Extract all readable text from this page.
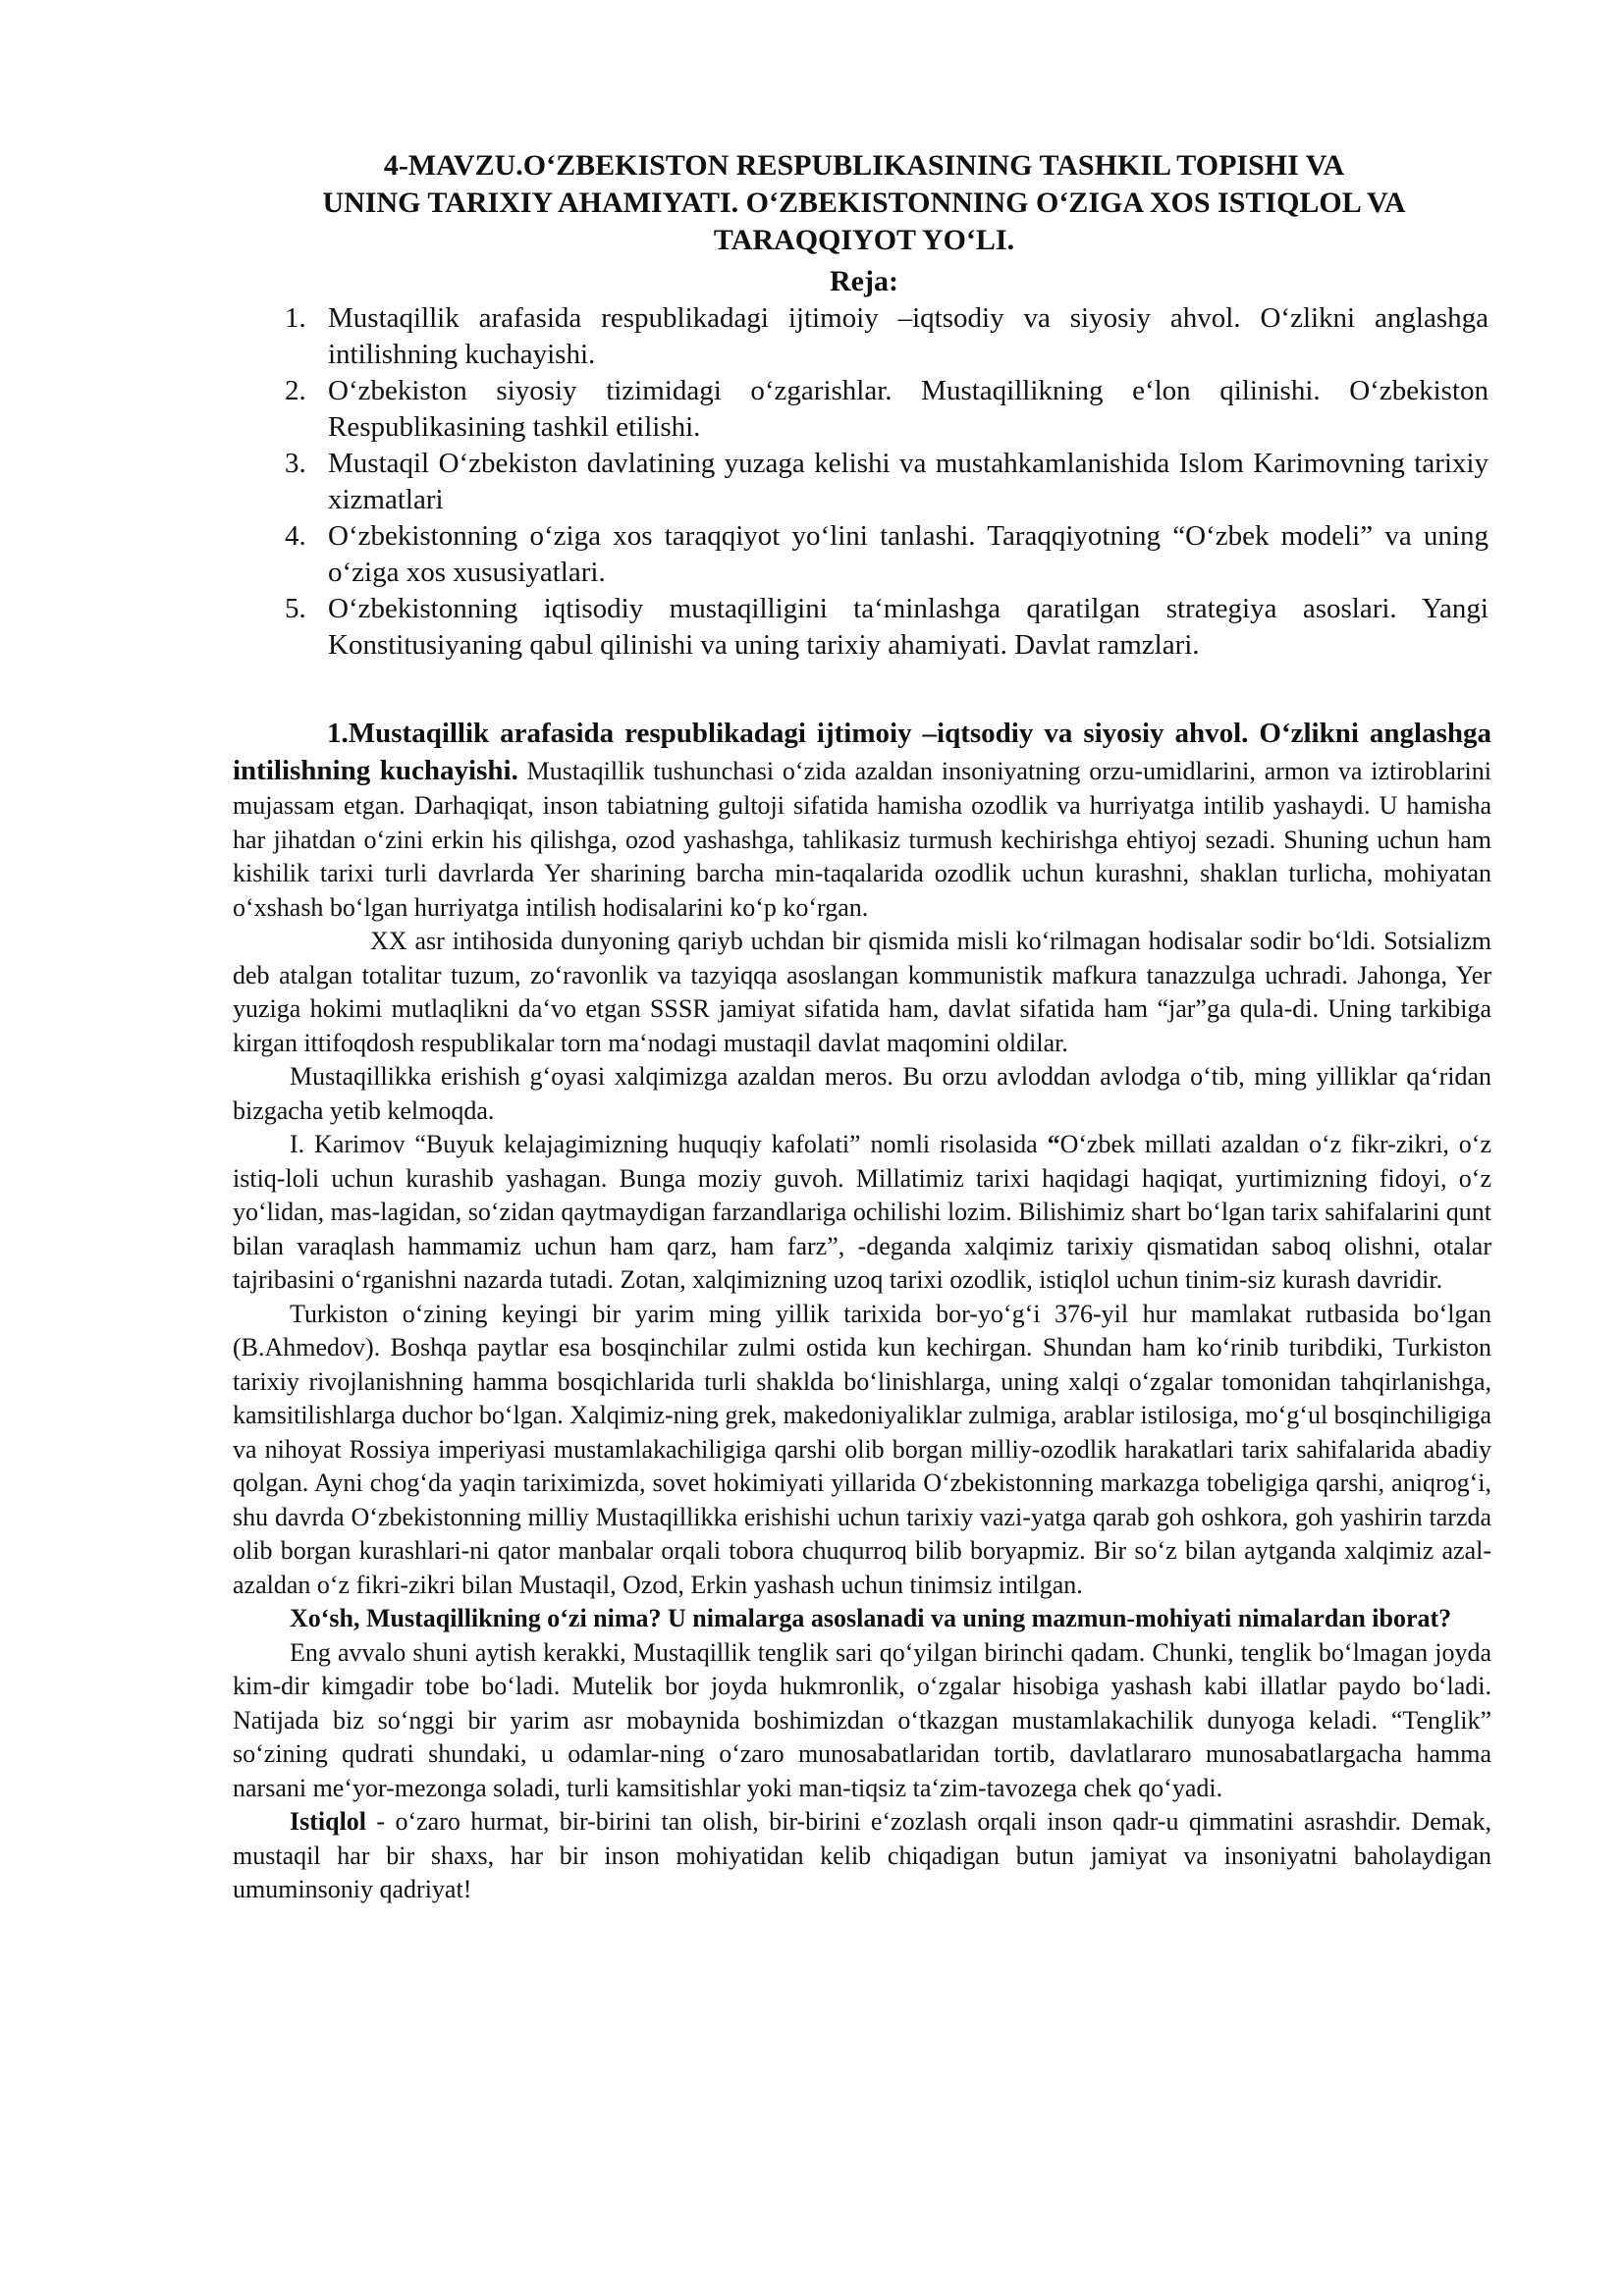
4-MAVZU.O‘ZBEKISTON RESPUBLIKASINING TASHKIL TOPISHI VA
UNING TARIXIY AHAMIYATI. O‘ZBEKISTONNING O‘ZIGA XOS ISTIQLOL VA
TARAQQIYOT YO‘LI.
Reja:
1. Mustaqillik arafasida respublikadagi ijtimoiy –iqtsodiy va siyosiy ahvol. O‘zlikni anglashga intilishning kuchayishi.
2. O‘zbekiston siyosiy tizimidagi o‘zgarishlar. Mustaqillikning e‘lon qilinishi. O‘zbekiston Respublikasining tashkil etilishi.
3. Mustaqil O‘zbekiston davlatining yuzaga kelishi va mustahkamlanishida Islom Karimovning tarixiy xizmatlari
4. O‘zbekistonning o‘ziga xos taraqqiyot yo‘lini tanlashi. Taraqqiyotning “O‘zbek modeli” va uning o‘ziga xos xususiyatlari.
5. O‘zbekistonning iqtisodiy mustaqilligini ta‘minlashga qaratilgan strategiya asoslari. Yangi Konstitusiyaning qabul qilinishi va uning tarixiy ahamiyati. Davlat ramzlari.

1.Mustaqillik arafasida respublikadagi ijtimoiy –iqtsodiy va siyosiy ahvol. O‘zlikni anglashga intilishning kuchayishi. Mustaqillik tushunchasi o‘zida azaldan insoniyatning orzu-umidlarini, armon va iztiroblarini mujassam etgan. Darhaqiqat, inson tabiatning gultoji sifatida hamisha ozodlik va hurriyatga intilib yashaydi. U hamisha har jihatdan o‘zini erkin his qilishga, ozod yashashga, tahlikasiz turmush kechirishga ehtiyoj sezadi. Shuning uchun ham kishilik tarixi turli davrlarda Yer sharining barcha min-taqalarida ozodlik uchun kurashni, shaklan turlicha, mohiyatan o‘xshash bo‘lgan hurriyatga intilish hodisalarini ko‘p ko‘rgan.

XX asr intihosida dunyoning qariyb uchdan bir qismida misli ko‘rilmagan hodisalar sodir bo‘ldi. Sotsializm deb atalgan totalitar tuzum, zo‘ravonlik va tazyiqqa asoslangan kommunistik mafkura tanazzulga uchradi. Jahonga, Yer yuziga hokimi mutlaqlikni da‘vo etgan SSSR jamiyat sifatida ham, davlat sifatida ham “jar”ga qula-di. Uning tarkibiga kirgan ittifoqdosh respublikalar torn ma‘nodagi mustaqil davlat maqomini oldilar.

Mustaqillikka erishish g‘oyasi xalqimizga azaldan meros. Bu orzu avloddan avlodga o‘tib, ming yilliklar qa‘ridan bizgacha yetib kelmoqda.

I. Karimov “Buyuk kelajagimizning huquqiy kafolati” nomli risolasida “O‘zbek millati azaldan o‘z fikr-zikri, o‘z istiq-loli uchun kurashib yashagan. Bunga moziy guvoh. Millatimiz tarixi haqidagi haqiqat, yurtimizning fidoyi, o‘z yo‘lidan, mas-lagidan, so‘zidan qaytmaydigan farzandlariga ochilishi lozim. Bilishimiz shart bo‘lgan tarix sahifalarini qunt bilan varaqlash hammamiz uchun ham qarz, ham farz”, -deganda xalqimiz tarixiy qismatidan saboq olishni, otalar tajribasini o‘rganishni nazarda tutadi. Zotan, xalqimizning uzoq tarixi ozodlik, istiqlol uchun tinim-siz kurash davridir.

Turkiston o‘zining keyingi bir yarim ming yillik tarixida bor-yo‘g‘i 376-yil hur mamlakat rutbasida bo‘lgan (B.Ahmedov). Boshqa paytlar esa bosqinchilar zulmi ostida kun kechirgan. Shundan ham ko‘rinib turibdiki, Turkiston tarixiy rivojlanishning hamma bosqichlarida turli shaklda bo‘linishlarga, uning xalqi o‘zgalar tomonidan tahqirlanishga, kamsitilishlarga duchor bo‘lgan. Xalqimiz-ning grek, makedoniyaliklar zulmiga, arablar istilosiga, mo‘g‘ul bosqinchiligiga va nihoyat Rossiya imperiyasi mustamlakachiligiga qarshi olib borgan milliy-ozodlik harakatlari tarix sahifalarida abadiy qolgan. Ayni chog‘da yaqin tariximizda, sovet hokimiyati yillarida O‘zbekistonning markazga tobeligiga qarshi, aniqrog‘i, shu davrda O‘zbekistonning milliy Mustaqillikka erishishi uchun tarixiy vazi-yatga qarab goh oshkora, goh yashirin tarzda olib borgan kurashlari-ni qator manbalar orqali tobora chuqurroq bilib boryapmiz. Bir so‘z bilan aytganda xalqimiz azal-azaldan o‘z fikri-zikri bilan Mustaqil, Ozod, Erkin yashash uchun tinimsiz intilgan.

Xo‘sh, Mustaqillikning o‘zi nima? U nimalarga asoslanadi va uning mazmun-mohiyati nimalardan iborat?

Eng avvalo shuni aytish kerakki, Mustaqillik tenglik sari qo‘yilgan birinchi qadam. Chunki, tenglik bo‘lmagan joyda kim-dir kimgadir tobe bo‘ladi. Mutelik bor joyda hukmronlik, o‘zgalar hisobiga yashash kabi illatlar paydo bo‘ladi. Natijada biz so‘nggi bir yarim asr mobaynida boshimizdan o‘tkazgan mustamlakachilik dunyoga keladi. “Tenglik” so‘zining qudrati shundaki, u odamlar-ning o‘zaro munosabatlaridan tortib, davlatlararo munosabatlargacha hamma narsani me‘yor-mezonga soladi, turli kamsitishlar yoki man-tiqsiz ta‘zim-tavozega chek qo‘yadi.

Istiqlol - o‘zaro hurmat, bir-birini tan olish, bir-birini e‘zozlash orqali inson qadr-u qimmatini asrashdir. Demak, mustaqil har bir shaxs, har bir inson mohiyatidan kelib chiqadigan butun jamiyat va insoniyatni baholaydigan umuminsoniy qadriyat!
